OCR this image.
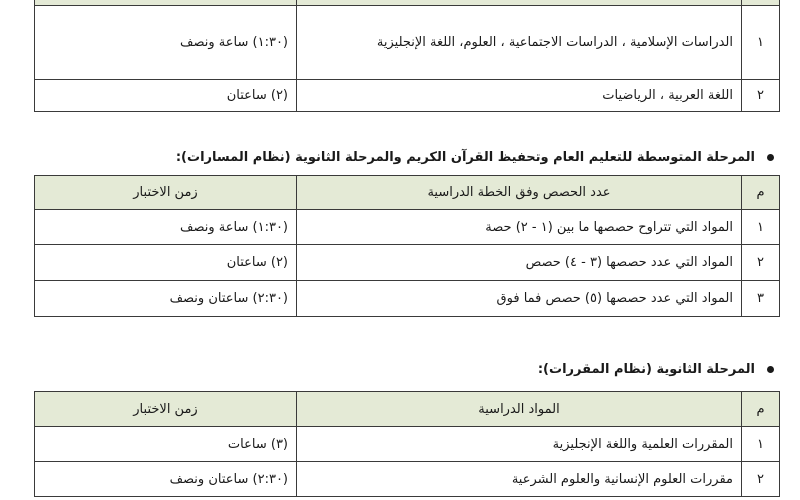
١	الدراسات الإسلامية ، الدراسات الاجتماعية ، العلوم، اللغة الإنجليزية	(١:٣٠) ساعة ونصف
٢	اللغة العربية ، الرياضيات	(٢) ساعتان
المرحلة المتوسطة للتعليم العام وتحفيظ القرآن الكريم والمرحلة الثانوية (نظام المسارات):
م	عدد الحصص وفق الخطة الدراسية	زمن الاختبار
١	المواد التي تتراوح حصصها ما بين (١ - ٢) حصة	(١:٣٠) ساعة ونصف
٢	المواد التي عدد حصصها (٣ - ٤) حصص	(٢) ساعتان
٣	المواد التي عدد حصصها (٥) حصص فما فوق	(٢:٣٠) ساعتان ونصف
المرحلة الثانوية (نظام المقررات):
م	المواد الدراسية	زمن الاختبار
١	المقررات العلمية واللغة الإنجليزية	(٣) ساعات
٢	مقررات العلوم الإنسانية والعلوم الشرعية	(٢:٣٠) ساعتان ونصف
